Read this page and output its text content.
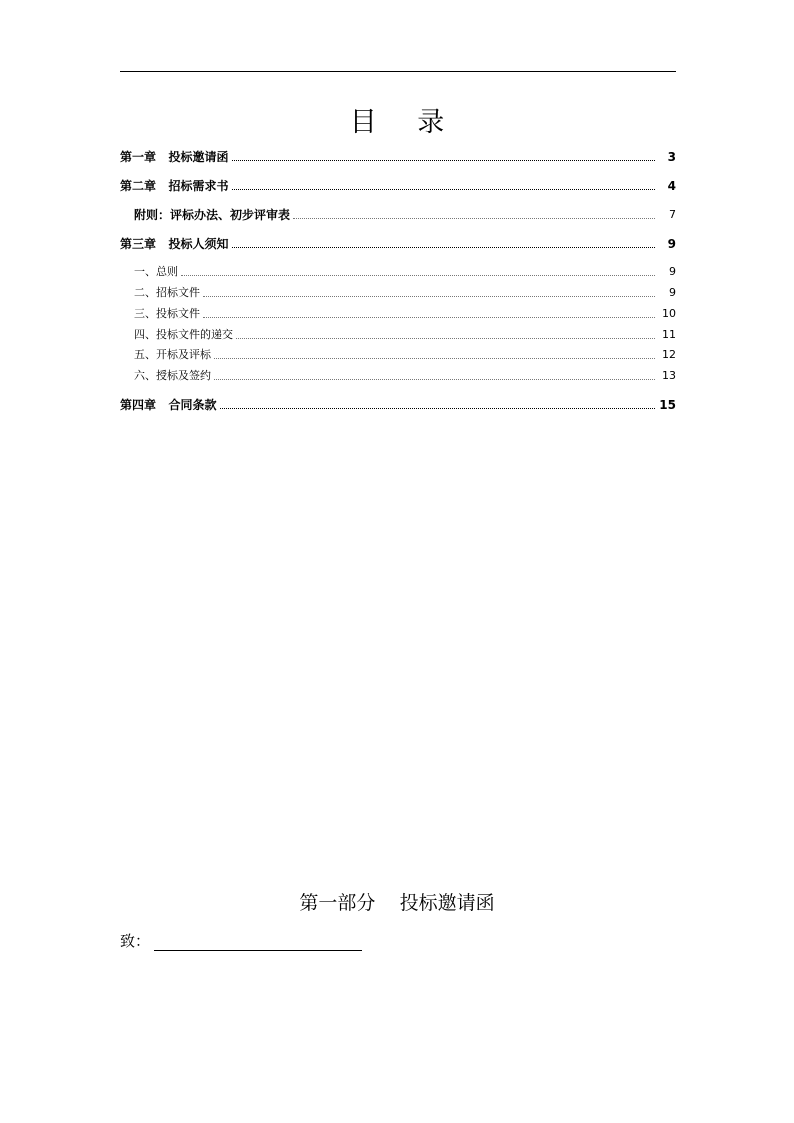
目 录
第一章   投标邀请函	3
第二章   招标需求书	4
附则：评标办法、初步评审表	7
第三章   投标人须知	9
一、总则	9
二、招标文件	9
三、投标文件	10
四、投标文件的递交	11
五、开标及评标	12
六、授标及签约	13
第四章   合同条款	15
第一部分    投标邀请函
致：
